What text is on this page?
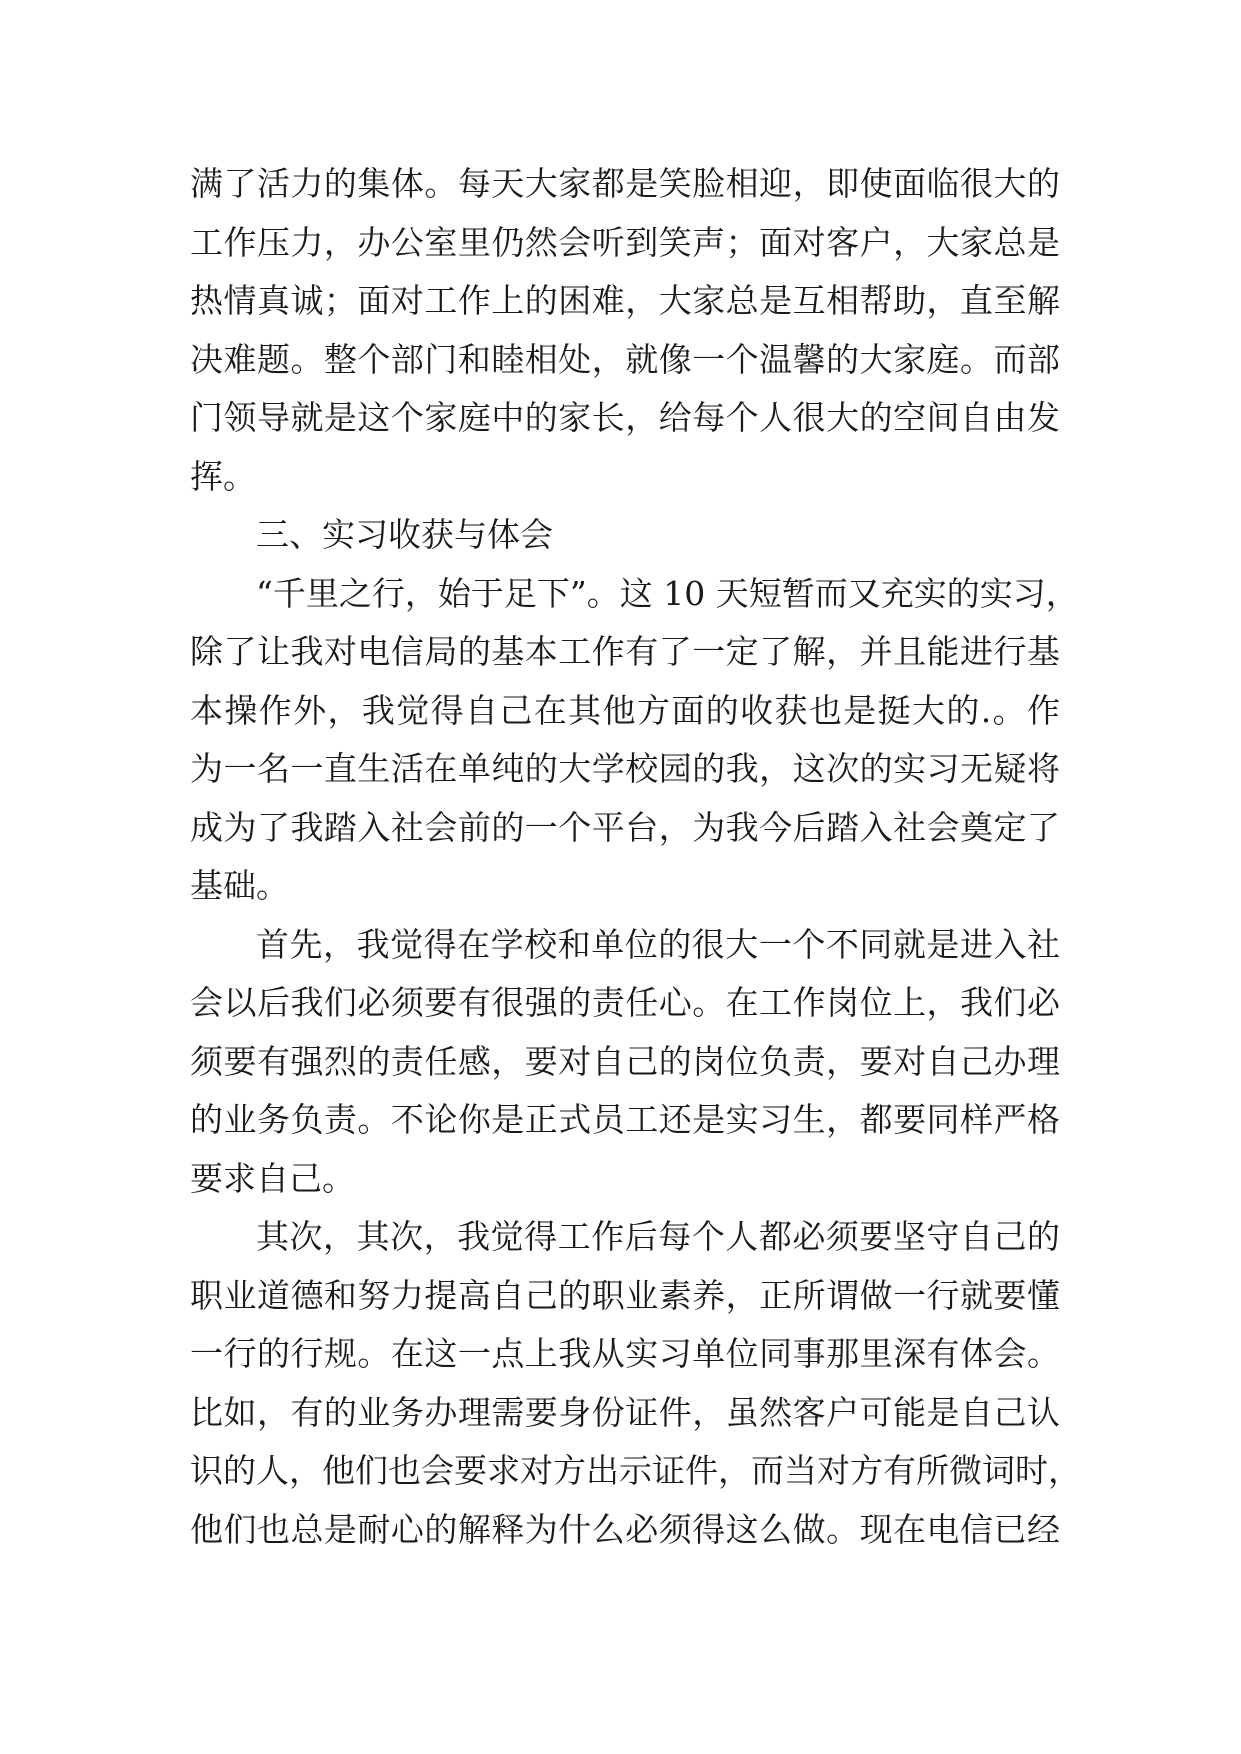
满了活力的集体。每天大家都是笑脸相迎，即使面临很大的
工作压力，办公室里仍然会听到笑声；面对客户，大家总是
热情真诚；面对工作上的困难，大家总是互相帮助，直至解
决难题。整个部门和睦相处，就像一个温馨的大家庭。而部
门领导就是这个家庭中的家长，给每个人很大的空间自由发
挥。
三、实习收获与体会
“千里之行，始于足下”。这 10 天短暂而又充实的实习，
除了让我对电信局的基本工作有了一定了解，并且能进行基
本操作外，我觉得自己在其他方面的收获也是挺大的.。作
为一名一直生活在单纯的大学校园的我，这次的实习无疑将
成为了我踏入社会前的一个平台，为我今后踏入社会奠定了
基础。
首先，我觉得在学校和单位的很大一个不同就是进入社
会以后我们必须要有很强的责任心。在工作岗位上，我们必
须要有强烈的责任感，要对自己的岗位负责，要对自己办理
的业务负责。不论你是正式员工还是实习生，都要同样严格
要求自己。
其次，其次，我觉得工作后每个人都必须要坚守自己的
职业道德和努力提高自己的职业素养，正所谓做一行就要懂
一行的行规。在这一点上我从实习单位同事那里深有体会。
比如，有的业务办理需要身份证件，虽然客户可能是自己认
识的人，他们也会要求对方出示证件，而当对方有所微词时，
他们也总是耐心的解释为什么必须得这么做。现在电信已经
